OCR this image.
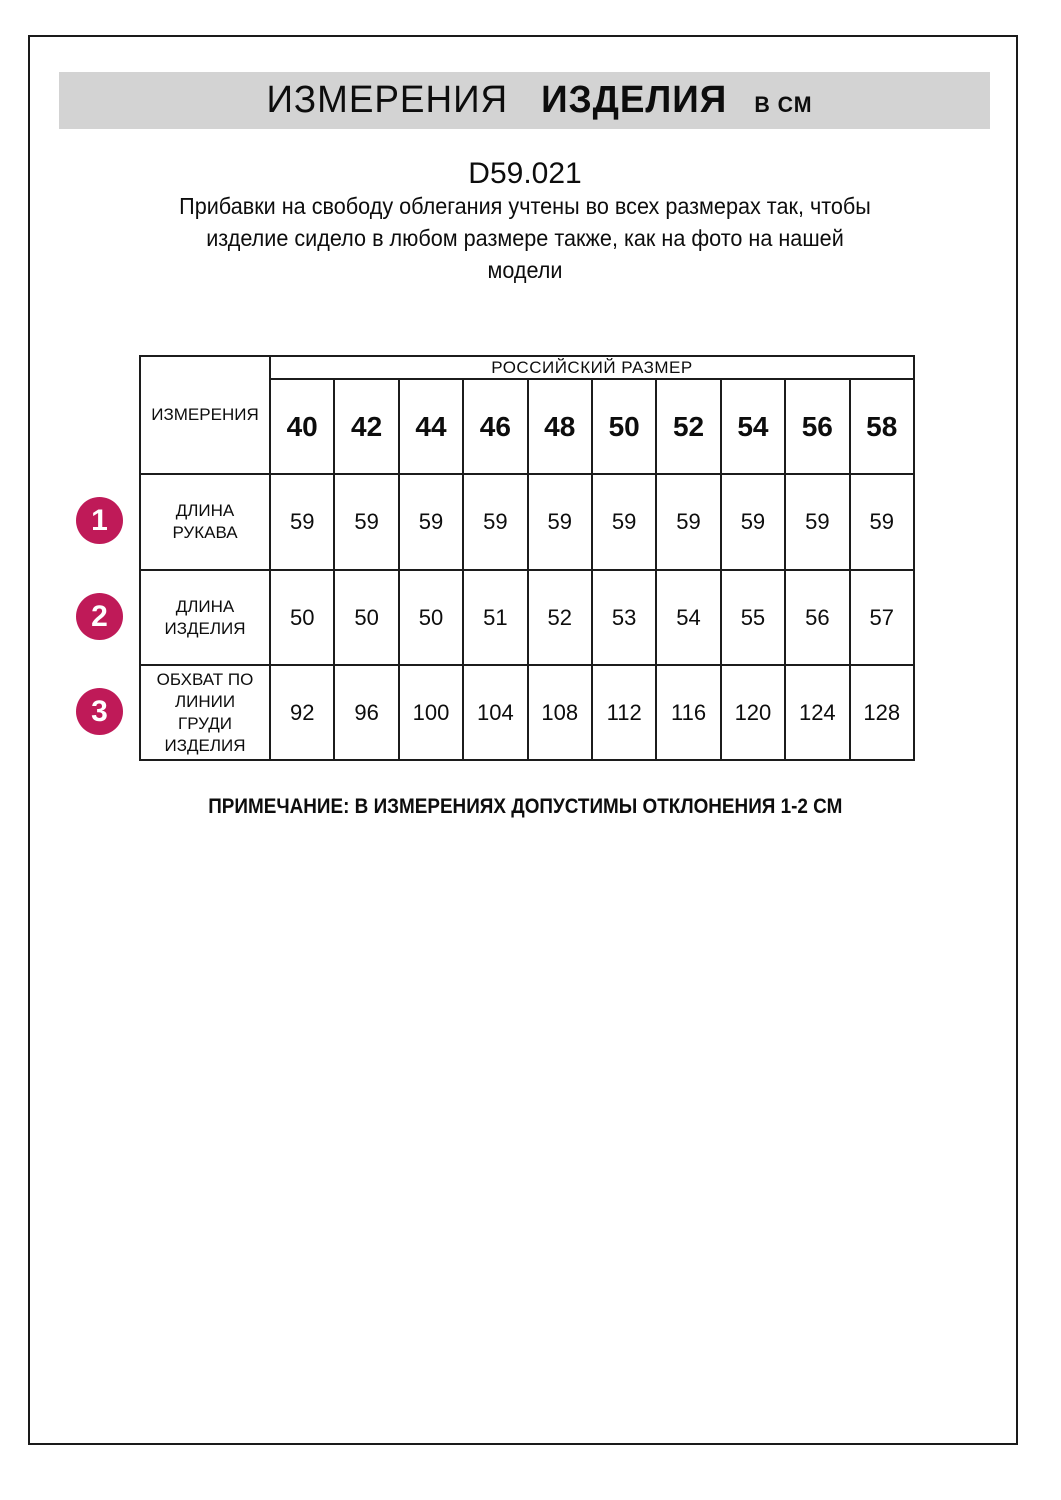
ИЗМЕРЕНИЯ ИЗДЕЛИЯ В СМ
D59.021
Прибавки на свободу облегания учтены во всех размерах так, чтобы
изделие сидело в любом размере также, как на фото на нашей
модели
ИЗМЕРЕНИЯ	РОССИЙСКИЙ РАЗМЕР									
	40	42	44	46	48	50	52	54	56	58
ДЛИНА РУКАВА	59	59	59	59	59	59	59	59	59	59
ДЛИНА ИЗДЕЛИЯ	50	50	50	51	52	53	54	55	56	57
ОБХВАТ ПО ЛИНИИ ГРУДИ ИЗДЕЛИЯ	92	96	100	104	108	112	116	120	124	128
1
2
3
ПРИМЕЧАНИЕ: В ИЗМЕРЕНИЯХ ДОПУСТИМЫ ОТКЛОНЕНИЯ 1-2 СМ
